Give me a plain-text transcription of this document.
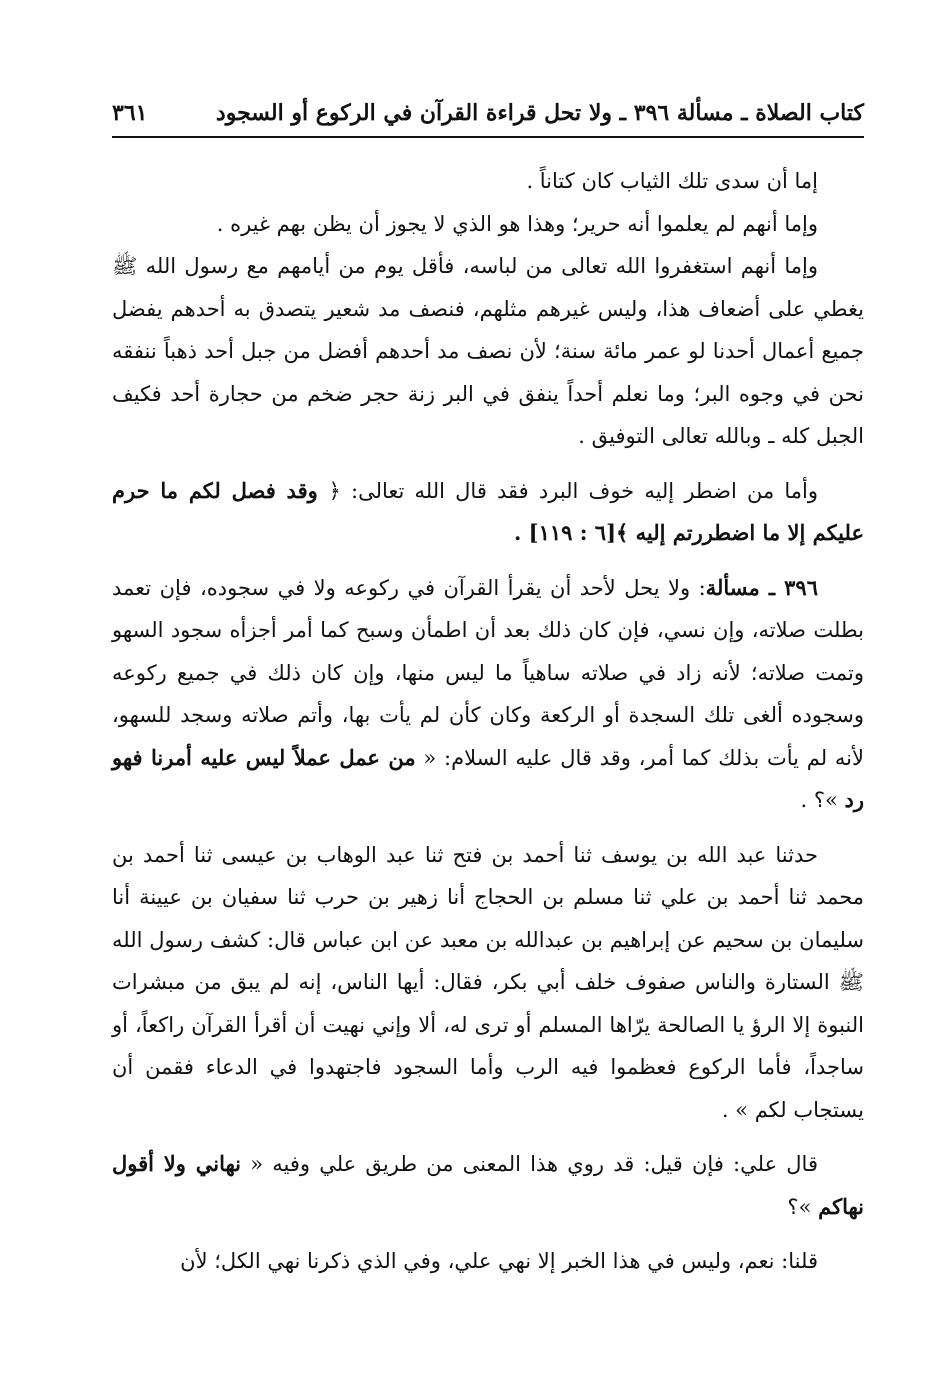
كتاب الصلاة ـ مسألة ٣٩٦ ـ ولا تحل قراءة القرآن في الركوع أو السجود
٣٦١

إما أن سدى تلك الثياب كان كتاناً .

وإما أنهم لم يعلموا أنه حرير؛ وهذا هو الذي لا يجوز أن يظن بهم غيره .

وإما أنهم استغفروا الله تعالى من لباسه، فأقل يوم من أيامهم مع رسول الله ﷺ يغطي على أضعاف هذا، وليس غيرهم مثلهم، فنصف مد شعير يتصدق به أحدهم يفضل جميع أعمال أحدنا لو عمر مائة سنة؛ لأن نصف مد أحدهم أفضل من جبل أحد ذهباً ننفقه نحن في وجوه البر؛ وما نعلم أحداً ينفق في البر زنة حجر ضخم من حجارة أحد فكيف الجبل كله ـ وبالله تعالى التوفيق .

وأما من اضطر إليه خوف البرد فقد قال الله تعالى: ﴿ وقد فصل لكم ما حرم عليكم إلا ما اضطررتم إليه ﴾[٦ : ١١٩] .

٣٩٦ ـ مسألة: ولا يحل لأحد أن يقرأ القرآن في ركوعه ولا في سجوده، فإن تعمد بطلت صلاته، وإن نسي، فإن كان ذلك بعد أن اطمأن وسبح كما أمر أجزأه سجود السهو وتمت صلاته؛ لأنه زاد في صلاته ساهياً ما ليس منها، وإن كان ذلك في جميع ركوعه وسجوده ألغى تلك السجدة أو الركعة وكان كأن لم يأت بها، وأتم صلاته وسجد للسهو، لأنه لم يأت بذلك كما أمر، وقد قال عليه السلام: « من عمل عملاً ليس عليه أمرنا فهو رد »؟ .

حدثنا عبد الله بن يوسف ثنا أحمد بن فتح ثنا عبد الوهاب بن عيسى ثنا أحمد بن محمد ثنا أحمد بن علي ثنا مسلم بن الحجاج أنا زهير بن حرب ثنا سفيان بن عيينة أنا سليمان بن سحيم عن إبراهيم بن عبدالله بن معبد عن ابن عباس قال: كشف رسول الله ﷺ الستارة والناس صفوف خلف أبي بكر، فقال: أيها الناس، إنه لم يبق من مبشرات النبوة إلا الرؤ يا الصالحة يرّاها المسلم أو ترى له، ألا وإني نهيت أن أقرأ القرآن راكعاً، أو ساجداً، فأما الركوع فعظموا فيه الرب وأما السجود فاجتهدوا في الدعاء فقمن أن يستجاب لكم » .

قال علي: فإن قيل: قد روي هذا المعنى من طريق علي وفيه « نهاني ولا أقول نهاكم »؟

قلنا: نعم، وليس في هذا الخبر إلا نهي علي، وفي الذي ذكرنا نهي الكل؛ لأن
